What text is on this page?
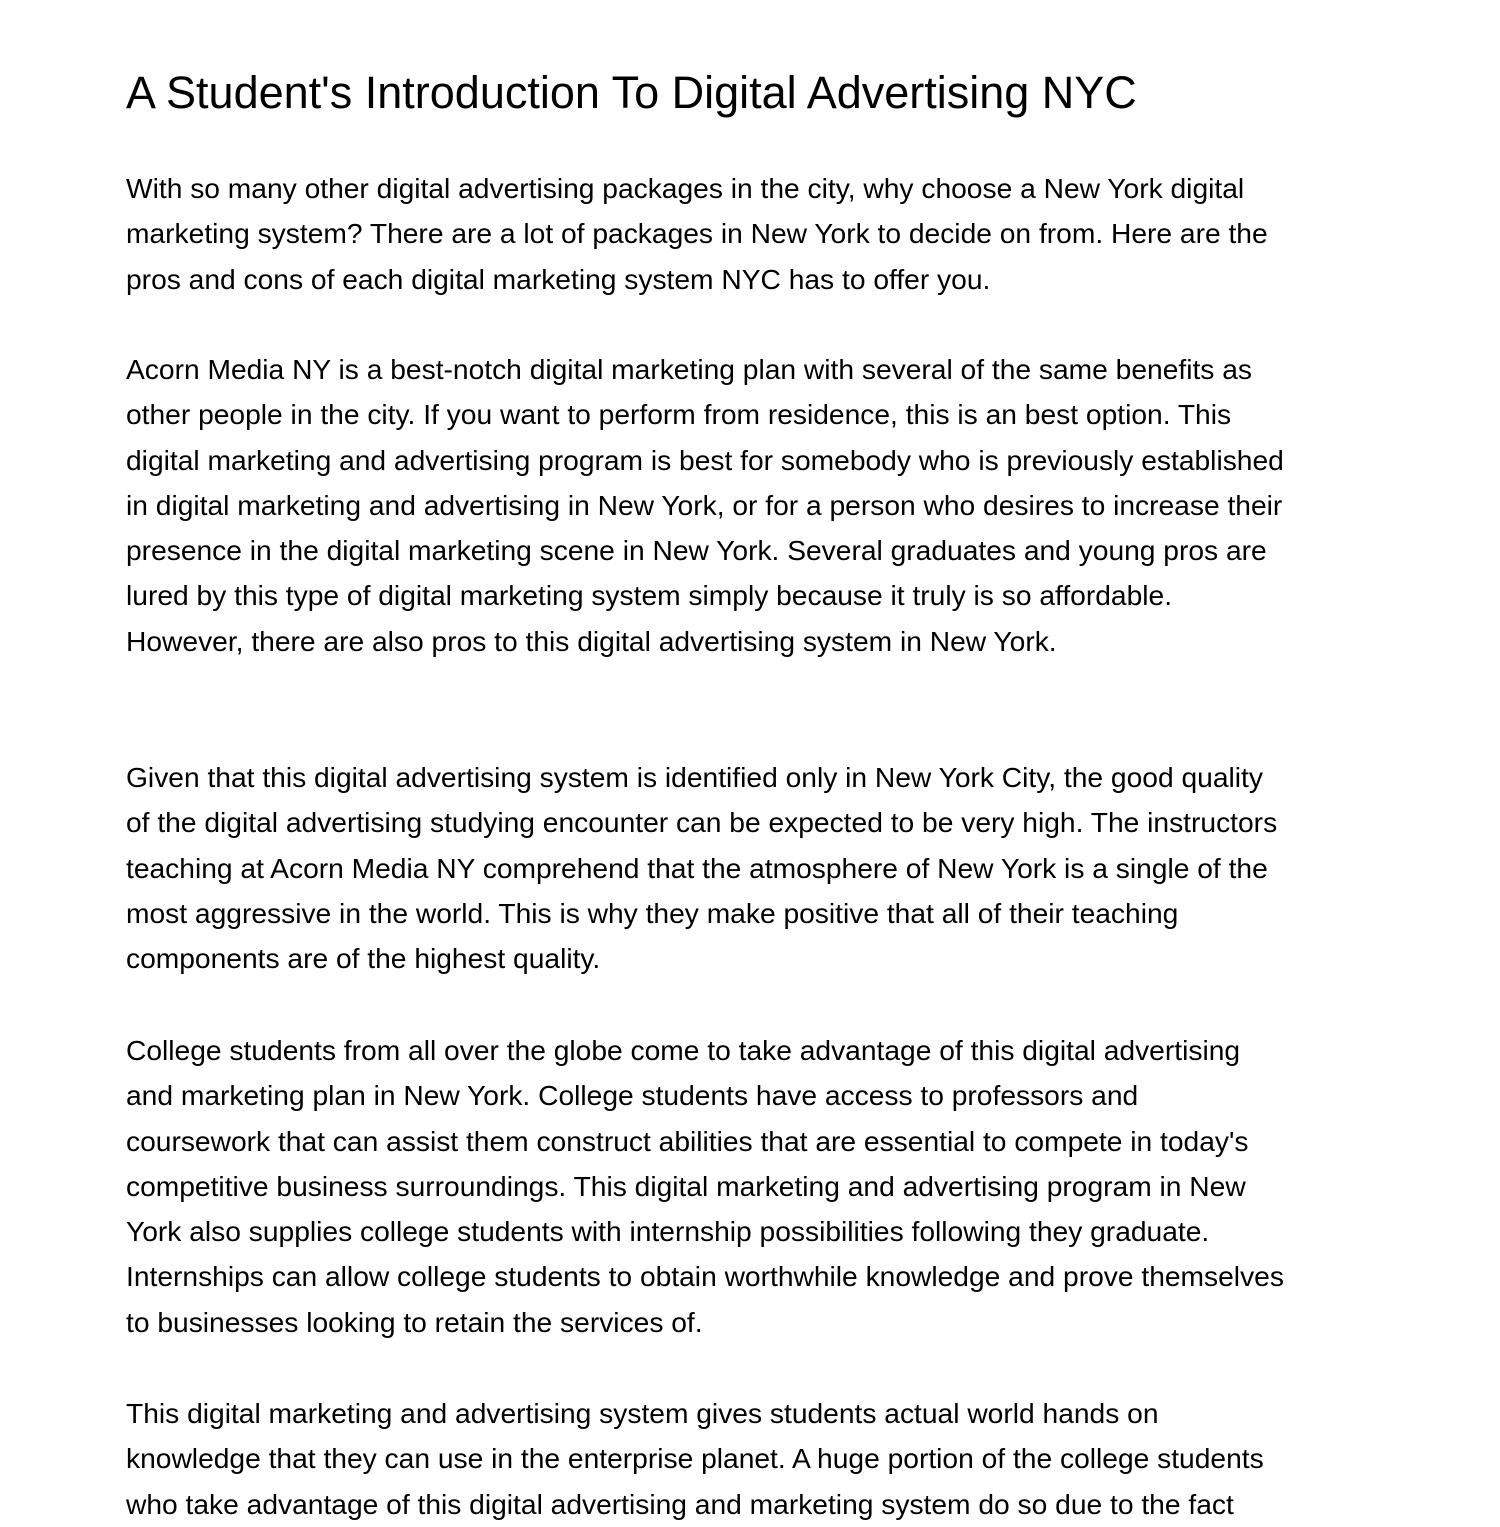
A Student's Introduction To Digital Advertising NYC

With so many other digital advertising packages in the city, why choose a New York digital
marketing system? There are a lot of packages in New York to decide on from. Here are the
pros and cons of each digital marketing system NYC has to offer you.

Acorn Media NY is a best-notch digital marketing plan with several of the same benefits as
other people in the city. If you want to perform from residence, this is an best option. This
digital marketing and advertising program is best for somebody who is previously established
in digital marketing and advertising in New York, or for a person who desires to increase their
presence in the digital marketing scene in New York. Several graduates and young pros are
lured by this type of digital marketing system simply because it truly is so affordable.
However, there are also pros to this digital advertising system in New York.

Given that this digital advertising system is identified only in New York City, the good quality
of the digital advertising studying encounter can be expected to be very high. The instructors
teaching at Acorn Media NY comprehend that the atmosphere of New York is a single of the
most aggressive in the world. This is why they make positive that all of their teaching
components are of the highest quality.

College students from all over the globe come to take advantage of this digital advertising
and marketing plan in New York. College students have access to professors and
coursework that can assist them construct abilities that are essential to compete in today's
competitive business surroundings. This digital marketing and advertising program in New
York also supplies college students with internship possibilities following they graduate.
Internships can allow college students to obtain worthwhile knowledge and prove themselves
to businesses looking to retain the services of.

This digital marketing and advertising system gives students actual world hands on
knowledge that they can use in the enterprise planet. A huge portion of the college students
who take advantage of this digital advertising and marketing system do so due to the fact
